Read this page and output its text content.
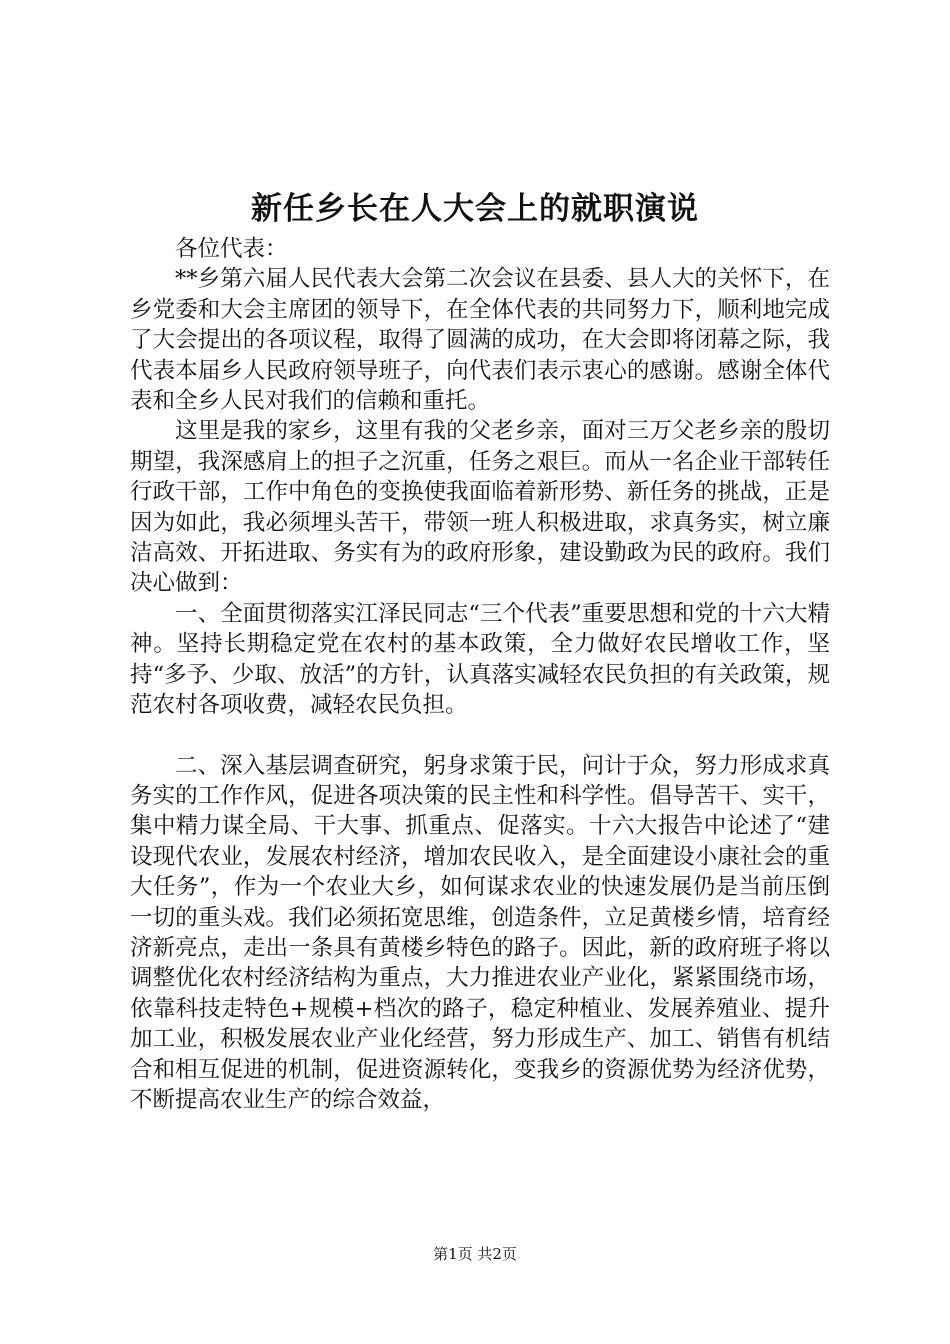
新任乡长在人大会上的就职演说

各位代表：

**乡第六届人民代表大会第二次会议在县委、县人大的关怀下，在乡党委和大会主席团的领导下，在全体代表的共同努力下，顺利地完成了大会提出的各项议程，取得了圆满的成功，在大会即将闭幕之际，我代表本届乡人民政府领导班子，向代表们表示衷心的感谢。感谢全体代表和全乡人民对我们的信赖和重托。

这里是我的家乡，这里有我的父老乡亲，面对三万父老乡亲的殷切期望，我深感肩上的担子之沉重，任务之艰巨。而从一名企业干部转任行政干部，工作中角色的变换使我面临着新形势、新任务的挑战，正是因为如此，我必须埋头苦干，带领一班人积极进取，求真务实，树立廉洁高效、开拓进取、务实有为的政府形象，建设勤政为民的政府。我们决心做到：

一、全面贯彻落实江泽民同志“三个代表”重要思想和党的十六大精神。坚持长期稳定党在农村的基本政策，全力做好农民增收工作，坚持“多予、少取、放活”的方针，认真落实减轻农民负担的有关政策，规范农村各项收费，减轻农民负担。

二、深入基层调查研究，躬身求策于民，问计于众，努力形成求真务实的工作作风，促进各项决策的民主性和科学性。倡导苦干、实干，集中精力谋全局、干大事、抓重点、促落实。十六大报告中论述了“建设现代农业，发展农村经济，增加农民收入，是全面建设小康社会的重大任务”，作为一个农业大乡，如何谋求农业的快速发展仍是当前压倒一切的重头戏。我们必须拓宽思维，创造条件，立足黄楼乡情，培育经济新亮点，走出一条具有黄楼乡特色的路子。因此，新的政府班子将以调整优化农村经济结构为重点，大力推进农业产业化，紧紧围绕市场，依靠科技走特色+规模+档次的路子，稳定种植业、发展养殖业、提升加工业，积极发展农业产业化经营，努力形成生产、加工、销售有机结合和相互促进的机制，促进资源转化，变我乡的资源优势为经济优势，不断提高农业生产的综合效益，

第1页 共2页
